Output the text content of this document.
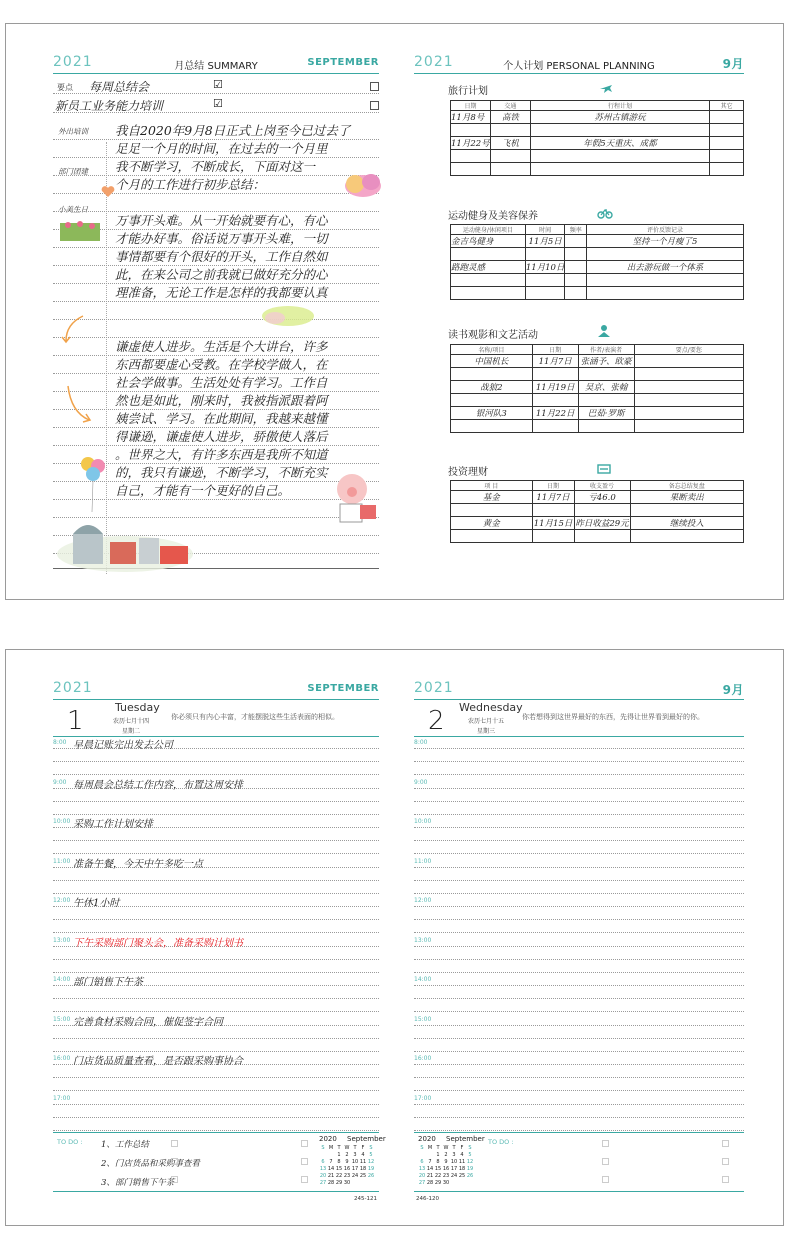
2021	月总结 SUMMARY	SEPTEMBER
要点 每周总结会	☑
新员工业务能力培训	☑
外出培训
部门团建
小美生日
我自2020年9月8日正式上岗至今已过去了
足足一个月的时间，在过去的一个月里
我不断学习，不断成长，下面对这一
个月的工作进行初步总结：
万事开头难。从一开始就要有心，有心
才能办好事。俗话说万事开头难，一切
事情都要有个很好的开头，工作自然如
此，在来公司之前我就已做好充分的心
理准备，无论工作是怎样的我都要认真
谦虚使人进步。生活是个大讲台，许多
东西都要虚心受教。在学校学做人，在
社会学做事。生活处处有学习。工作自
然也是如此，刚来时，我被指派跟着阿
姨尝试、学习。在此期间，我越来越懂
得谦逊，谦虚使人进步，骄傲使人落后
。世界之大，有许多东西是我所不知道
的，我只有谦逊，不断学习，不断充实
自己，才能有一个更好的自己。
2021	个人计划 PERSONAL PLANNING	9月
旅行计划
日期	交通	行程计划	其它
11月8号	高铁	苏州古镇游玩	

11月22号	飞机	年假5天重庆、成都	

运动健身及美容保养
运动健身/休闲项目	时间	频率	评价反馈记录
金吉鸟健身	11月5日		坚持一个月瘦了5

路跑灵感	11月10日		出去游玩做一个体系

读书观影和文艺活动
名称/项目	日期	作者/表演者	要点/要您
中国机长	11月7日	张涵予、欧豪	

战狼2	11月19日	吴京、张翰	

银河队3	11月22日	巴茹·罗斯	

投资理财
项 目	日期	收支盈亏	备忘总结复盘
基金	11月7日	亏46.0	果断卖出

黄金	11月15日	昨日收益29元	继续投入

2021	SEPTEMBER
1	Tuesday
农历七月十四
星期二
你必须只有内心丰富，才能摆脱这些生活表面的相似。
8:00 早晨记账完出发去公司
9:00 每周晨会总结工作内容，布置这周安排
10:00 采购工作计划安排
11:00 准备午餐，今天中午多吃一点
12:00 午休1小时
13:00 下午采购部门聚头会，准备采购计划书
14:00 部门销售下午茶
15:00 完善食材采购合同，催促签字合同
16:00 门店货品质量查看，是否跟采购事协合
17:00
TO DO : 1、工作总结
2、门店货品和采购事查看
3、部门销售下午茶
2020 September
S	M	T	W	T	F	S
		1	2	3	4	5
6	7	8	9	10	11	12
13	14	15	16	17	18	19
20	21	22	23	24	25	26
27	28	29	30			
245-121
2021	9月
2 Wednesday
农历七月十五
星期三
你若想得到这世界最好的东西，先得让世界看到最好的你。
8:00
9:00
10:00
11:00
12:00
13:00
14:00
15:00
16:00
17:00
2020 September
S	M	T	W	T	F	S
		1	2	3	4	5
6	7	8	9	10	11	12
13	14	15	16	17	18	19
20	21	22	23	24	25	26
27	28	29	30			
TO DO :
246-120
